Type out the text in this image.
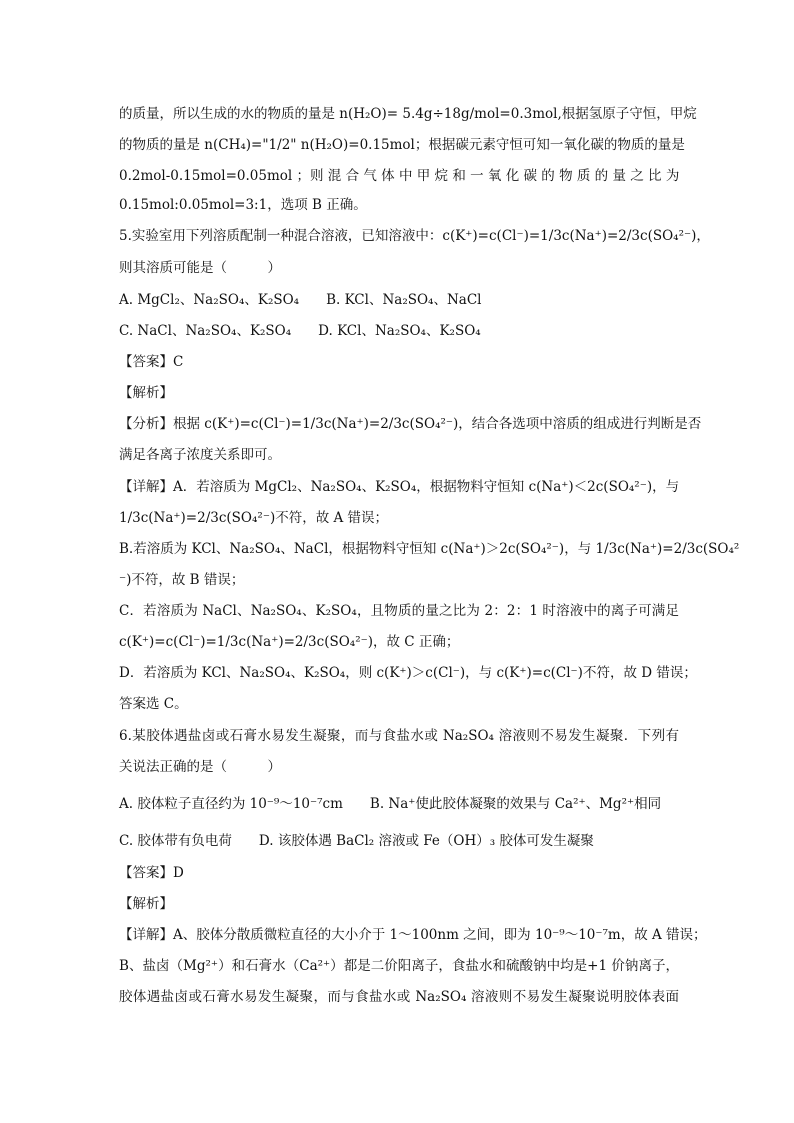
的质量，所以生成的水的物质的量是 n(H₂O)= 5.4g÷18g/mol=0.3mol,根据氢原子守恒，甲烷
的物质的量是 n(CH₄)="1/2" n(H₂O)=0.15mol；根据碳元素守恒可知一氧化碳的物质的量是
0.2mol-0.15mol=0.05mol ；则 混 合 气 体 中 甲 烷 和 一 氧 化 碳 的 物 质 的 量 之 比 为
0.15mol:0.05mol=3:1，选项 B 正确。
5.实验室用下列溶质配制一种混合溶液，已知溶液中：c(K⁺)=c(Cl⁻)=1/3c(Na⁺)=2/3c(SO₄²⁻)，
则其溶质可能是（　　　）
A. MgCl₂、Na₂SO₄、K₂SO₄　　B. KCl、Na₂SO₄、NaCl
C. NaCl、Na₂SO₄、K₂SO₄　　D. KCl、Na₂SO₄、K₂SO₄
【答案】C
【解析】
【分析】根据 c(K⁺)=c(Cl⁻)=1/3c(Na⁺)=2/3c(SO₄²⁻)，结合各选项中溶质的组成进行判断是否
满足各离子浓度关系即可。
【详解】A．若溶质为 MgCl₂、Na₂SO₄、K₂SO₄，根据物料守恒知 c(Na⁺)＜2c(SO₄²⁻)，与
1/3c(Na⁺)=2/3c(SO₄²⁻)不符，故 A 错误；
B.若溶质为 KCl、Na₂SO₄、NaCl，根据物料守恒知 c(Na⁺)＞2c(SO₄²⁻)，与 1/3c(Na⁺)=2/3c(SO₄²
⁻)不符，故 B 错误；
C．若溶质为 NaCl、Na₂SO₄、K₂SO₄，且物质的量之比为 2：2：1 时溶液中的离子可满足
c(K⁺)=c(Cl⁻)=1/3c(Na⁺)=2/3c(SO₄²⁻)，故 C 正确；
D．若溶质为 KCl、Na₂SO₄、K₂SO₄，则 c(K⁺)＞c(Cl⁻)，与 c(K⁺)=c(Cl⁻)不符，故 D 错误；
答案选 C。
6.某胶体遇盐卤或石膏水易发生凝聚，而与食盐水或 Na₂SO₄ 溶液则不易发生凝聚．下列有
关说法正确的是（　　　）
A. 胶体粒子直径约为 10⁻⁹～10⁻⁷cm　　B. Na⁺使此胶体凝聚的效果与 Ca²⁺、Mg²⁺相同
C. 胶体带有负电荷　　D. 该胶体遇 BaCl₂ 溶液或 Fe（OH）₃ 胶体可发生凝聚
【答案】D
【解析】
【详解】A、胶体分散质微粒直径的大小介于 1～100nm 之间，即为 10⁻⁹～10⁻⁷m，故 A 错误；
B、盐卤（Mg²⁺）和石膏水（Ca²⁺）都是二价阳离子，食盐水和硫酸钠中均是+1 价钠离子，
胶体遇盐卤或石膏水易发生凝聚，而与食盐水或 Na₂SO₄ 溶液则不易发生凝聚说明胶体表面
